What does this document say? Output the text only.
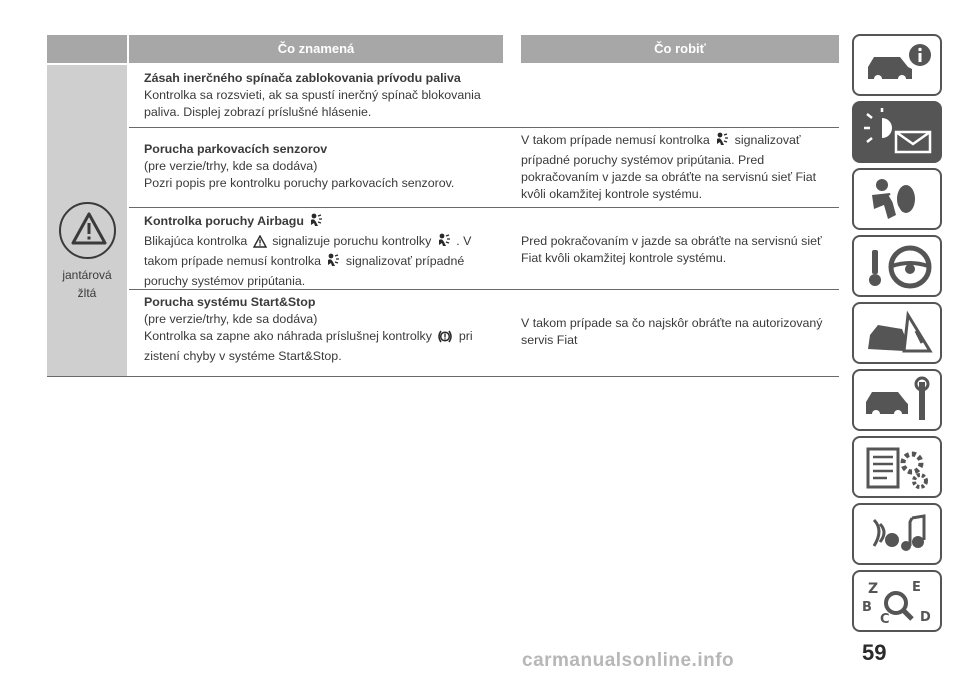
Čo znamená	Čo robiť
jantárová
žltá
Zásah inerčného spínača zablokovania prívodu paliva
Kontrolka sa rozsvieti, ak sa spustí inerčný spínač blokovania
paliva. Displej zobrazí príslušné hlásenie.
Porucha parkovacích senzorov
(pre verzie/trhy, kde sa dodáva)
Pozri popis pre kontrolku poruchy parkovacích senzorov.
V takom prípade nemusí kontrolka signalizovať
prípadné poruchy systémov pripútania. Pred
pokračovaním v jazde sa obráťte na servisnú sieť Fiat
kvôli okamžitej kontrole systému.
Kontrolka poruchy Airbagu
Blikajúca kontrolka signalizuje poruchu kontrolky . V
takom prípade nemusí kontrolka signalizovať prípadné
poruchy systémov pripútania.
Pred pokračovaním v jazde sa obráťte na servisnú sieť
Fiat kvôli okamžitej kontrole systému.
Porucha systému Start&Stop
(pre verzie/trhy, kde sa dodáva)
Kontrolka sa zapne ako náhrada príslušnej kontrolky pri
zistení chyby v systéme Start&Stop.
V takom prípade sa čo najskôr obráťte na autorizovaný
servis Fiat
Z	E
B
C D
59
carmanualsonline.info
